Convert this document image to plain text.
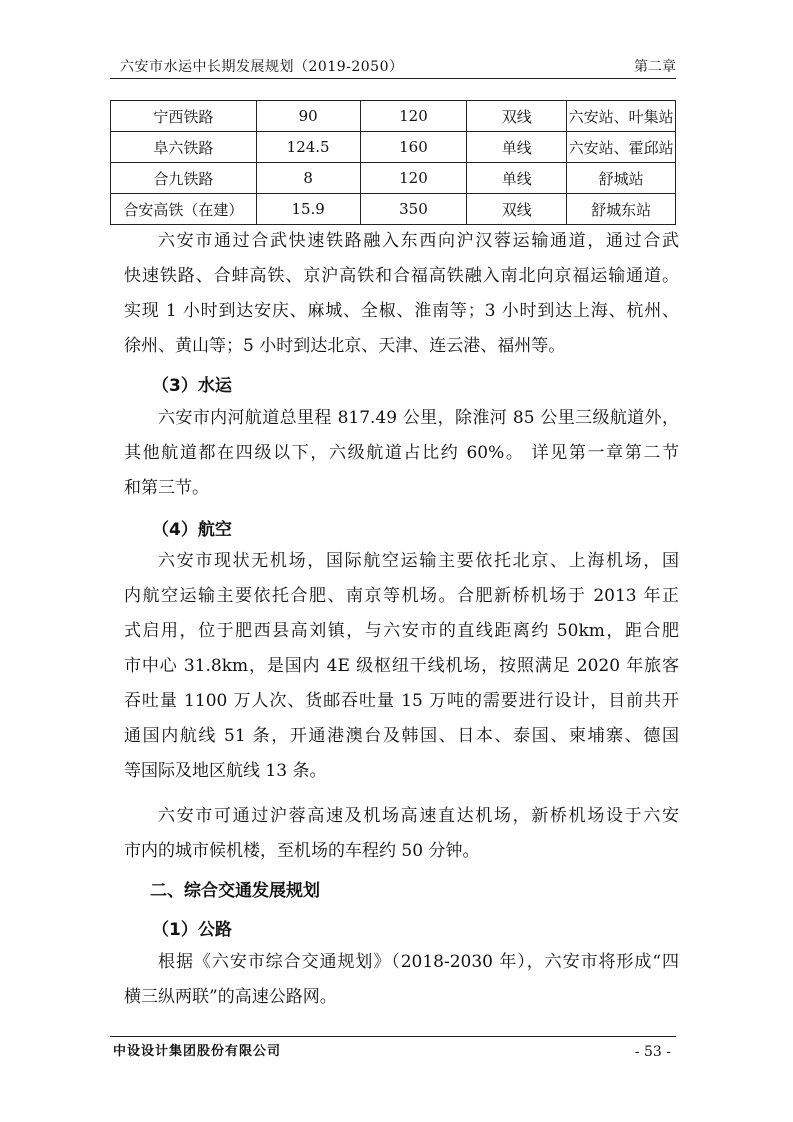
六安市水运中长期发展规划（2019-2050）	第二章
宁西铁路	90	120	双线	六安站、叶集站
阜六铁路	124.5	160	单线	六安站、霍邱站
合九铁路	8	120	单线	舒城站
合安高铁（在建）	15.9	350	双线	舒城东站
六安市通过合武快速铁路融入东西向沪汉蓉运输通道，通过合武
快速铁路、合蚌高铁、京沪高铁和合福高铁融入南北向京福运输通道。
实现 1 小时到达安庆、麻城、全椒、淮南等；3 小时到达上海、杭州、
徐州、黄山等；5 小时到达北京、天津、连云港、福州等。
（3）水运
六安市内河航道总里程 817.49 公里，除淮河 85 公里三级航道外，
其他航道都在四级以下，六级航道占比约 60%。 详见第一章第二节
和第三节。
（4）航空
六安市现状无机场，国际航空运输主要依托北京、上海机场，国
内航空运输主要依托合肥、南京等机场。合肥新桥机场于 2013 年正
式启用，位于肥西县高刘镇，与六安市的直线距离约 50km，距合肥
市中心 31.8km，是国内 4E 级枢纽干线机场，按照满足 2020 年旅客
吞吐量 1100 万人次、货邮吞吐量 15 万吨的需要进行设计，目前共开
通国内航线 51 条，开通港澳台及韩国、日本、泰国、柬埔寨、德国
等国际及地区航线 13 条。
六安市可通过沪蓉高速及机场高速直达机场，新桥机场设于六安
市内的城市候机楼，至机场的车程约 50 分钟。
二、综合交通发展规划
（1）公路
根据《六安市综合交通规划》（2018-2030 年），六安市将形成“四
横三纵两联”的高速公路网。
中设设计集团股份有限公司	- 53 -
